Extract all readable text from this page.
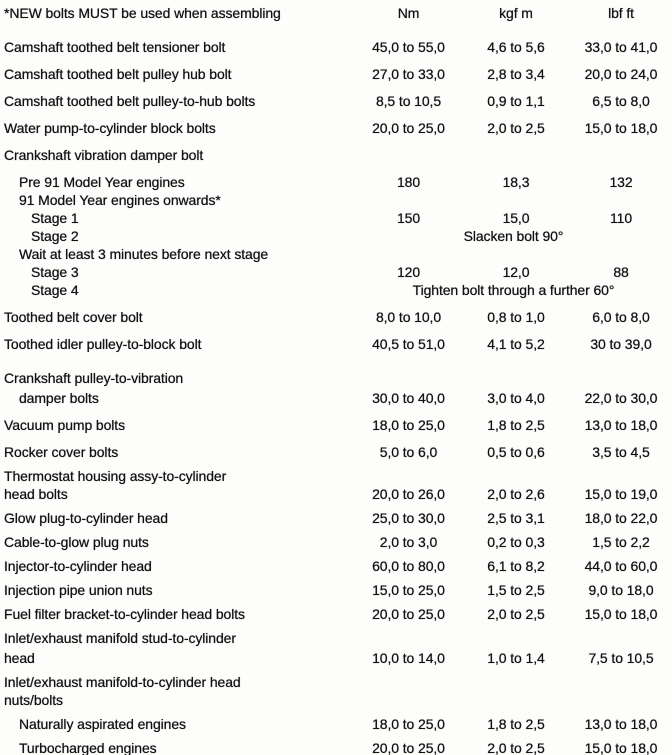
*NEW bolts MUST be used when assembling	Nm	kgf m	lbf ft
Camshaft toothed belt tensioner bolt	45,0 to 55,0	4,6 to 5,6	33,0 to 41,0
Camshaft toothed belt pulley hub bolt	27,0 to 33,0	2,8 to 3,4	20,0 to 24,0
Camshaft toothed belt pulley-to-hub bolts	8,5 to 10,5	0,9 to 1,1	6,5 to 8,0
Water pump-to-cylinder block bolts	20,0 to 25,0	2,0 to 2,5	15,0 to 18,0
Crankshaft vibration damper bolt
Pre 91 Model Year engines	180	18,3	132
91 Model Year engines onwards*
Stage 1	150	15,0	110
Stage 2	Slacken bolt 90°
Wait at least 3 minutes before next stage
Stage 3	120	12,0	88
Stage 4	Tighten bolt through a further 60°
Toothed belt cover bolt	8,0 to 10,0	0,8 to 1,0	6,0 to 8,0
Toothed idler pulley-to-block bolt	40,5 to 51,0	4,1 to 5,2	30 to 39,0
Crankshaft pulley-to-vibration
damper bolts	30,0 to 40,0	3,0 to 4,0	22,0 to 30,0
Vacuum pump bolts	18,0 to 25,0	1,8 to 2,5	13,0 to 18,0
Rocker cover bolts	5,0 to 6,0	0,5 to 0,6	3,5 to 4,5
Thermostat housing assy-to-cylinder
head bolts	20,0 to 26,0	2,0 to 2,6	15,0 to 19,0
Glow plug-to-cylinder head	25,0 to 30,0	2,5 to 3,1	18,0 to 22,0
Cable-to-glow plug nuts	2,0 to 3,0	0,2 to 0,3	1,5 to 2,2
Injector-to-cylinder head	60,0 to 80,0	6,1 to 8,2	44,0 to 60,0
Injection pipe union nuts	15,0 to 25,0	1,5 to 2,5	9,0 to 18,0
Fuel filter bracket-to-cylinder head bolts	20,0 to 25,0	2,0 to 2,5	15,0 to 18,0
Inlet/exhaust manifold stud-to-cylinder
head	10,0 to 14,0	1,0 to 1,4	7,5 to 10,5
Inlet/exhaust manifold-to-cylinder head
nuts/bolts
Naturally aspirated engines	18,0 to 25,0	1,8 to 2,5	13,0 to 18,0
Turbocharged engines	20,0 to 25,0	2,0 to 2,5	15,0 to 18,0
